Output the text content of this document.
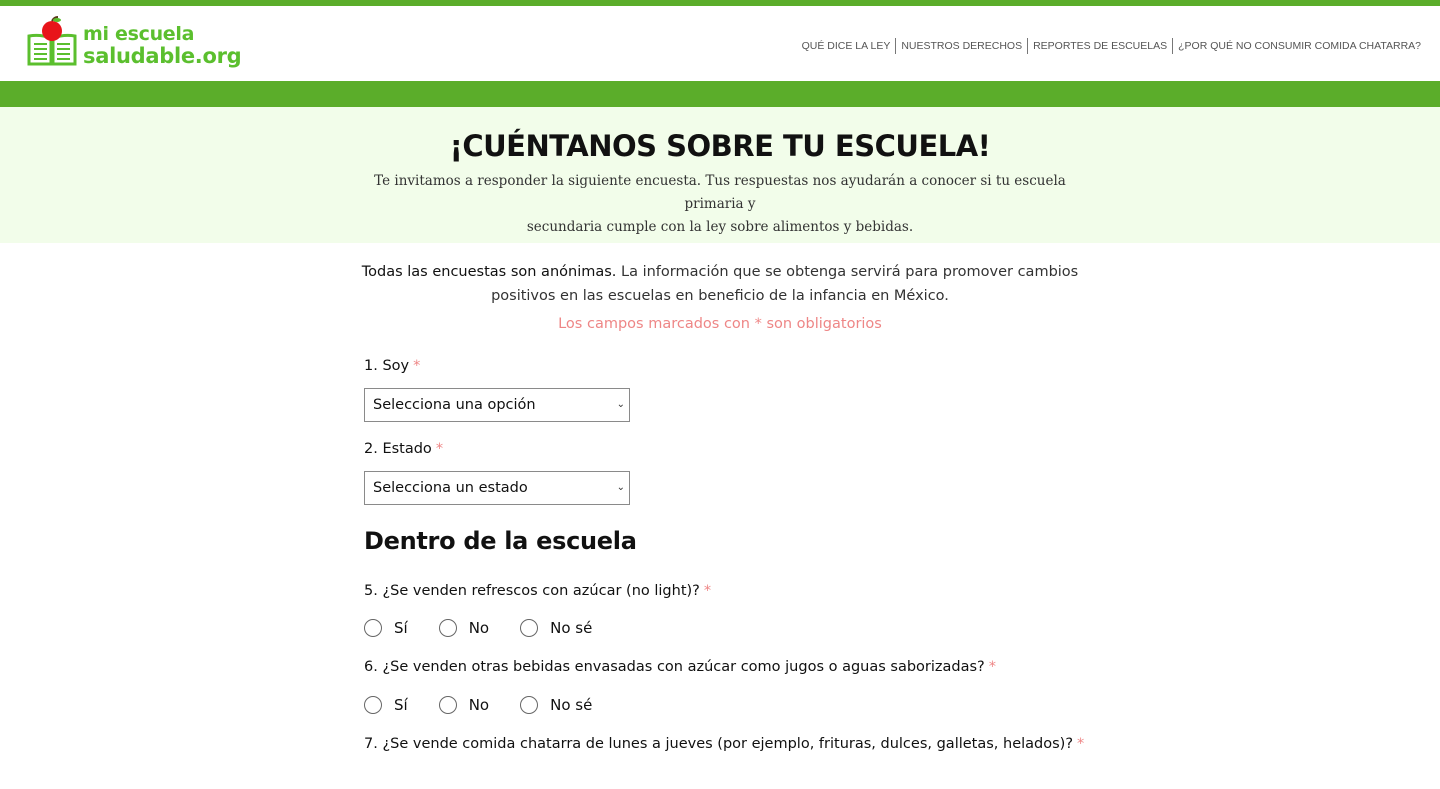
mi escuela
saludable.org	QUÉ DICE LA LEY	NUESTROS DERECHOS	REPORTES DE ESCUELAS	¿POR QUÉ NO CONSUMIR COMIDA CHATARRA?
¡CUÉNTANOS SOBRE TU ESCUELA!
Te invitamos a responder la siguiente encuesta. Tus respuestas nos ayudarán a conocer si tu escuela primaria y
secundaria cumple con la ley sobre alimentos y bebidas.

Todas las encuestas son anónimas. La información que se obtenga servirá para promover cambios positivos en las escuelas en beneficio de la infancia en México.

Los campos marcados con * son obligatorios

1. Soy *
Selecciona una opción	⌄
2. Estado *
Selecciona un estado	⌄
Dentro de la escuela
5. ¿Se venden refrescos con azúcar (no light)? *
Sí	No	No sé
6. ¿Se venden otras bebidas envasadas con azúcar como jugos o aguas saborizadas? *
Sí	No	No sé
7. ¿Se vende comida chatarra de lunes a jueves (por ejemplo, frituras, dulces, galletas, helados)? *
